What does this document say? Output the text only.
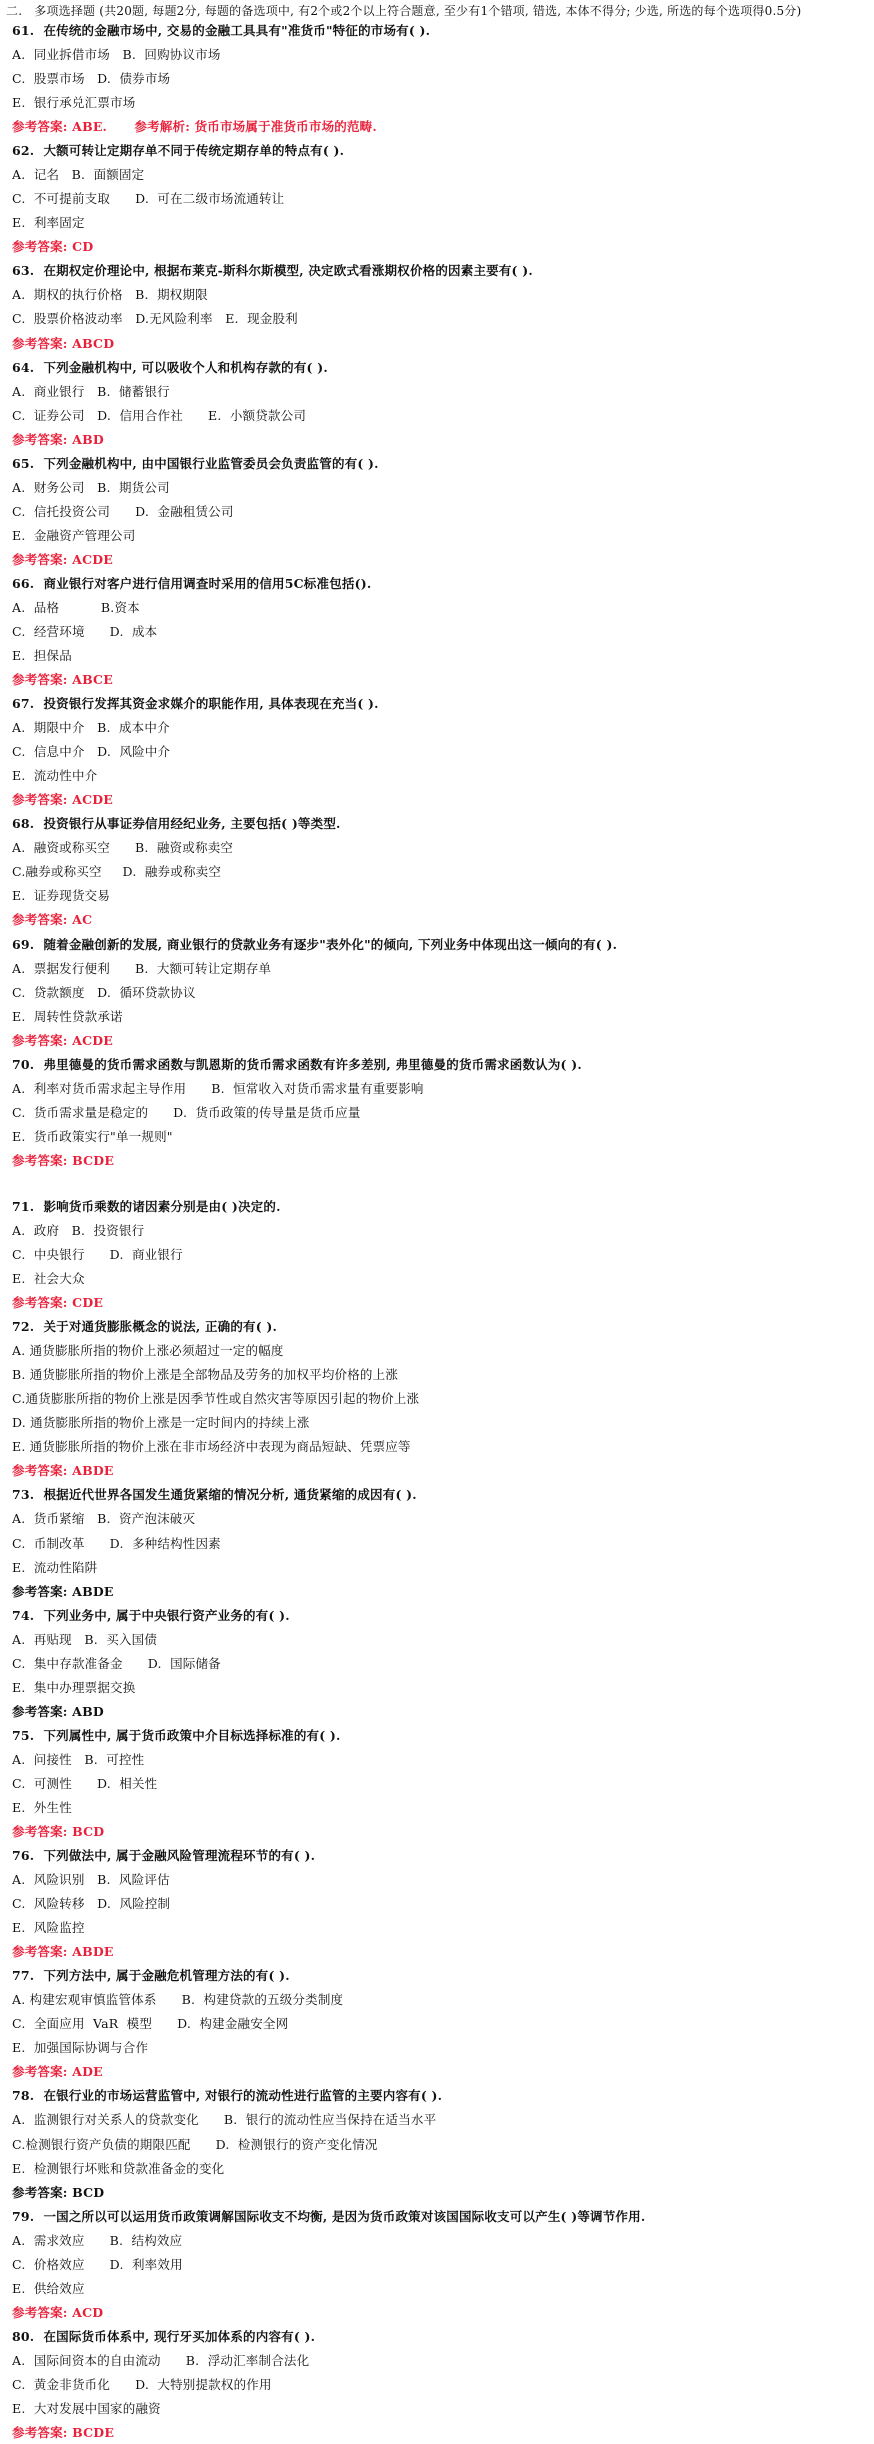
二.   多项选择题 (共20题, 每题2分, 每题的备选项中, 有2个或2个以上符合题意, 至少有1个错项, 错选, 本体不得分; 少选, 所选的每个选项得0.5分)
61.  在传统的金融市场中, 交易的金融工具具有"准货币"特征的市场有( ).
A.  同业拆借市场   B.  回购协议市场
C.  股票市场   D.  债券市场
E.  银行承兑汇票市场
参考答案: ABE.      参考解析: 货币市场属于准货币市场的范畴.
62.  大额可转让定期存单不同于传统定期存单的特点有( ).
A.  记名   B.  面额固定
C.  不可提前支取      D.  可在二级市场流通转让
E.  利率固定
参考答案: CD
63.  在期权定价理论中, 根据布莱克-斯科尔斯模型, 决定欧式看涨期权价格的因素主要有( ).
A.  期权的执行价格   B.  期权期限
C.  股票价格波动率   D.无风险利率   E.  现金股利
参考答案: ABCD
64.  下列金融机构中, 可以吸收个人和机构存款的有( ).
A.  商业银行   B.  储蓄银行
C.  证券公司   D.  信用合作社      E.  小额贷款公司
参考答案: ABD
65.  下列金融机构中, 由中国银行业监管委员会负责监管的有( ).
A.  财务公司   B.  期货公司
C.  信托投资公司      D.  金融租赁公司
E.  金融资产管理公司
参考答案: ACDE
66.  商业银行对客户进行信用调查时采用的信用5C标准包括().
A.  品格          B.资本
C.  经营环境      D.  成本
E.  担保品
参考答案: ABCE
67.  投资银行发挥其资金求媒介的职能作用, 具体表现在充当( ).
A.  期限中介   B.  成本中介
C.  信息中介   D.  风险中介
E.  流动性中介
参考答案: ACDE
68.  投资银行从事证券信用经纪业务, 主要包括( )等类型.
A.  融资或称买空      B.  融资或称卖空
C.融券或称买空     D.  融券或称卖空
E.  证券现货交易
参考答案: AC
69.  随着金融创新的发展, 商业银行的贷款业务有逐步"表外化"的倾向, 下列业务中体现出这一倾向的有( ).
A.  票据发行便利      B.  大额可转让定期存单
C.  贷款额度   D.  循环贷款协议
E.  周转性贷款承诺
参考答案: ACDE
70.  弗里德曼的货币需求函数与凯恩斯的货币需求函数有许多差别, 弗里德曼的货币需求函数认为( ).
A.  利率对货币需求起主导作用      B.  恒常收入对货币需求量有重要影响
C.  货币需求量是稳定的      D.  货币政策的传导量是货币应量
E.  货币政策实行"单一规则"
参考答案: BCDE
71.  影响货币乘数的诸因素分别是由( )决定的.
A.  政府   B.  投资银行
C.  中央银行      D.  商业银行
E.  社会大众
参考答案: CDE
72.  关于对通货膨胀概念的说法, 正确的有( ).
A. 通货膨胀所指的物价上涨必须超过一定的幅度
B. 通货膨胀所指的物价上涨是全部物品及劳务的加权平均价格的上涨
C.通货膨胀所指的物价上涨是因季节性或自然灾害等原因引起的物价上涨
D. 通货膨胀所指的物价上涨是一定时间内的持续上涨
E. 通货膨胀所指的物价上涨在非市场经济中表现为商品短缺、凭票应等
参考答案: ABDE
73.  根据近代世界各国发生通货紧缩的情况分析, 通货紧缩的成因有( ).
A.  货币紧缩   B.  资产泡沫破灭
C.  币制改革      D.  多种结构性因素
E.  流动性陷阱
参考答案: ABDE
74.  下列业务中, 属于中央银行资产业务的有( ).
A.  再贴现   B.  买入国债
C.  集中存款准备金      D.  国际储备
E.  集中办理票据交换
参考答案: ABD
75.  下列属性中, 属于货币政策中介目标选择标准的有( ).
A.  问接性   B.  可控性
C.  可测性      D.  相关性
E.  外生性
参考答案: BCD
76.  下列做法中, 属于金融风险管理流程环节的有( ).
A.  风险识别   B.  风险评估
C.  风险转移   D.  风险控制
E.  风险监控
参考答案: ABDE
77.  下列方法中, 属于金融危机管理方法的有( ).
A. 构建宏观审慎监管体系      B.  构建贷款的五级分类制度
C.  全面应用  VaR  模型      D.  构建金融安全网
E.  加强国际协调与合作
参考答案: ADE
78.  在银行业的市场运营监管中, 对银行的流动性进行监管的主要内容有( ).
A.  监测银行对关系人的贷款变化      B.  银行的流动性应当保持在适当水平
C.检测银行资产负债的期限匹配      D.  检测银行的资产变化情况
E.  检测银行坏账和贷款准备金的变化
参考答案: BCD
79.  一国之所以可以运用货币政策调解国际收支不均衡, 是因为货币政策对该国国际收支可以产生( )等调节作用.
A.  需求效应      B.  结构效应
C.  价格效应      D.  利率效用
E.  供给效应
参考答案: ACD
80.  在国际货币体系中, 现行牙买加体系的内容有( ).
A.  国际间资本的自由流动      B.  浮动汇率制合法化
C.  黄金非货币化      D.  大特别提款权的作用
E.  大对发展中国家的融资
参考答案: BCDE
